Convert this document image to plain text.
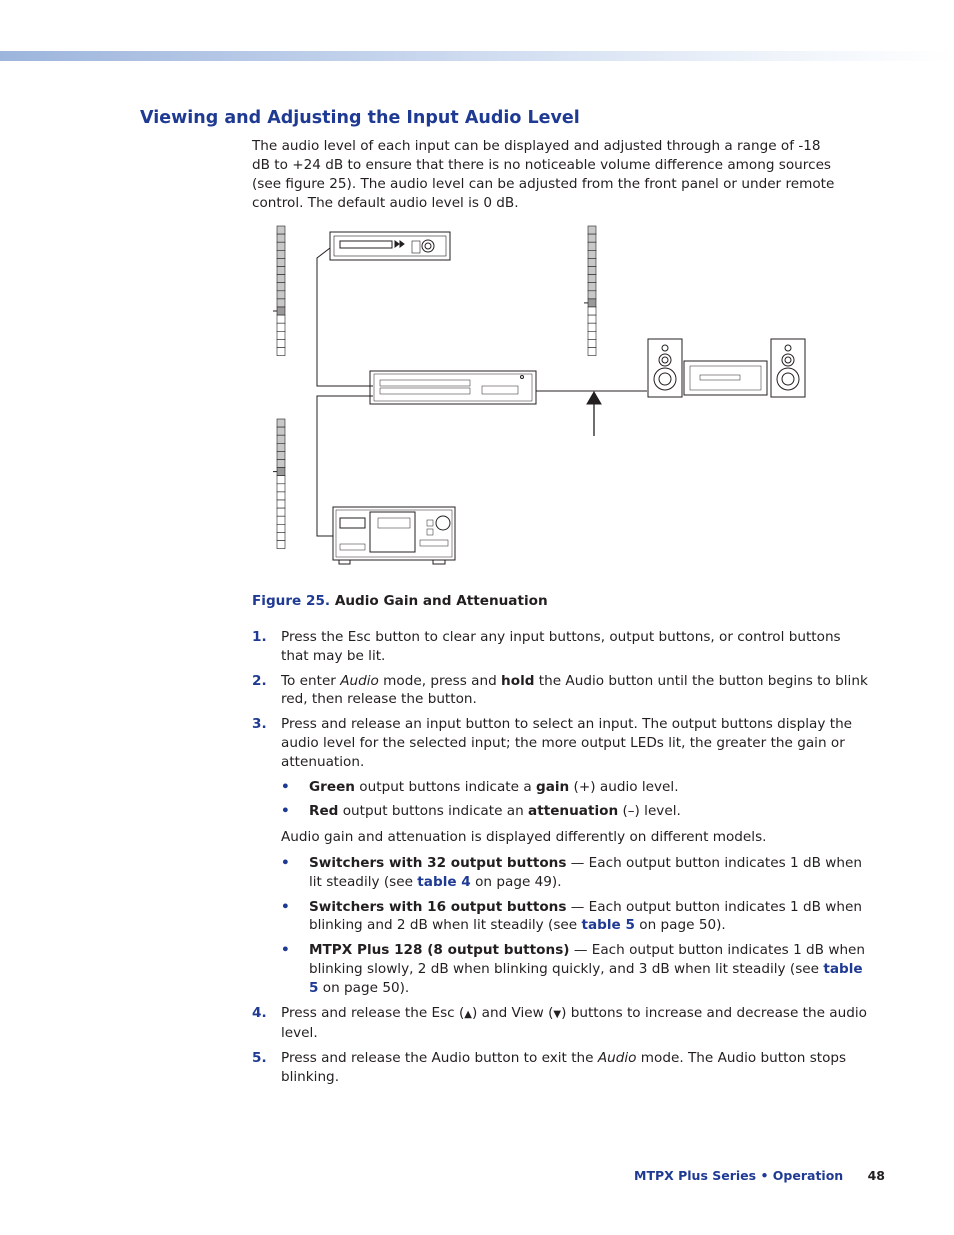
Viewing and Adjusting the Input Audio Level
The audio level of each input can be displayed and adjusted through a range of -18 dB to +24 dB to ensure that there is no noticeable volume difference among sources (see figure 25). The audio level can be adjusted from the front panel or under remote control. The default audio level is 0 dB.
Figure 25. Audio Gain and Attenuation
1. Press the Esc button to clear any input buttons, output buttons, or control buttons that may be lit.
2. To enter Audio mode, press and hold the Audio button until the button begins to blink red, then release the button.
3. Press and release an input button to select an input. The output buttons display the audio level for the selected input; the more output LEDs lit, the greater the gain or attenuation.
• Green output buttons indicate a gain (+) audio level.
• Red output buttons indicate an attenuation (–) level.
Audio gain and attenuation is displayed differently on different models.
• Switchers with 32 output buttons — Each output button indicates 1 dB when lit steadily (see table 4 on page 49).
• Switchers with 16 output buttons — Each output button indicates 1 dB when blinking and 2 dB when lit steadily (see table 5 on page 50).
• MTPX Plus 128 (8 output buttons) — Each output button indicates 1 dB when blinking slowly, 2 dB when blinking quickly, and 3 dB when lit steadily (see table 5 on page 50).
4. Press and release the Esc (▲) and View (▼) buttons to increase and decrease the audio level.
5. Press and release the Audio button to exit the Audio mode. The Audio button stops blinking.
MTPX Plus Series • Operation 48
